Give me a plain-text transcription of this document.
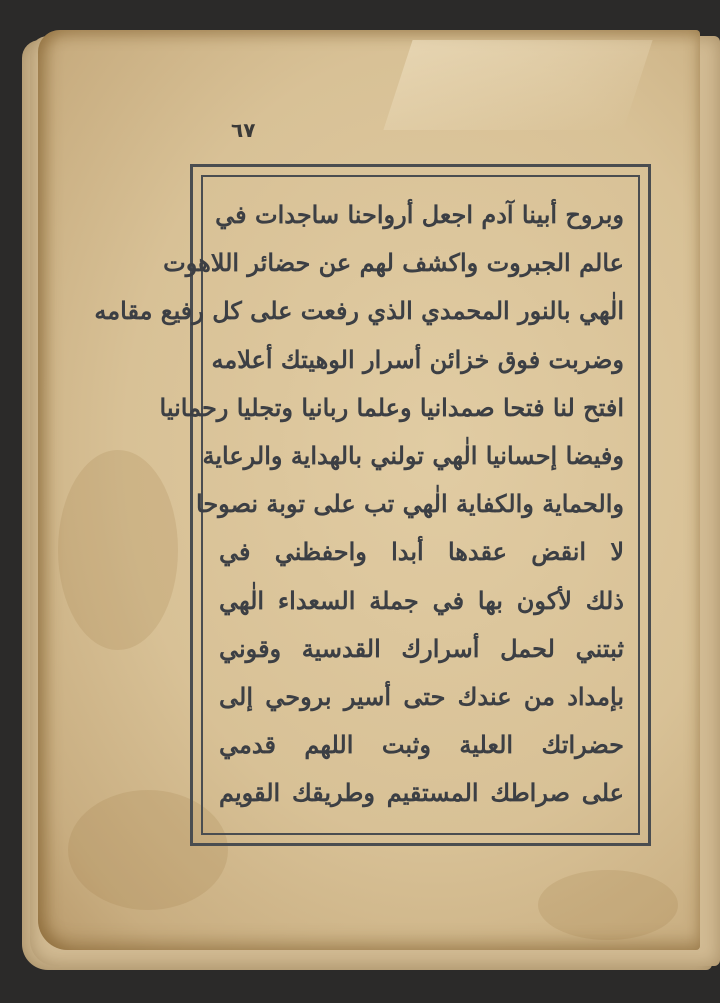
٦٧
وبروح أبينا آدم اجعل أرواحنا ساجدات في
عالم الجبروت واكشف لهم عن حضائر اللاهوت
الٰهي بالنور المحمدي الذي رفعت على كل رفيع مقامه
وضربت فوق خزائن أسرار الوهيتك أعلامه
افتح لنا فتحا صمدانيا وعلما ربانيا وتجليا رحمانيا
وفيضا إحسانيا الٰهي تولني بالهداية والرعاية
والحماية والكفاية الٰهي تب على توبة نصوحا
لا انقض عقدها أبدا واحفظني في
ذلك لأكون بها في جملة السعداء الٰهي
ثبتني لحمل أسرارك القدسية وقوني
بإمداد من عندك حتى أسير بروحي إلى
حضراتك العلية وثبت اللهم قدمي
على صراطك المستقيم وطريقك القويم
